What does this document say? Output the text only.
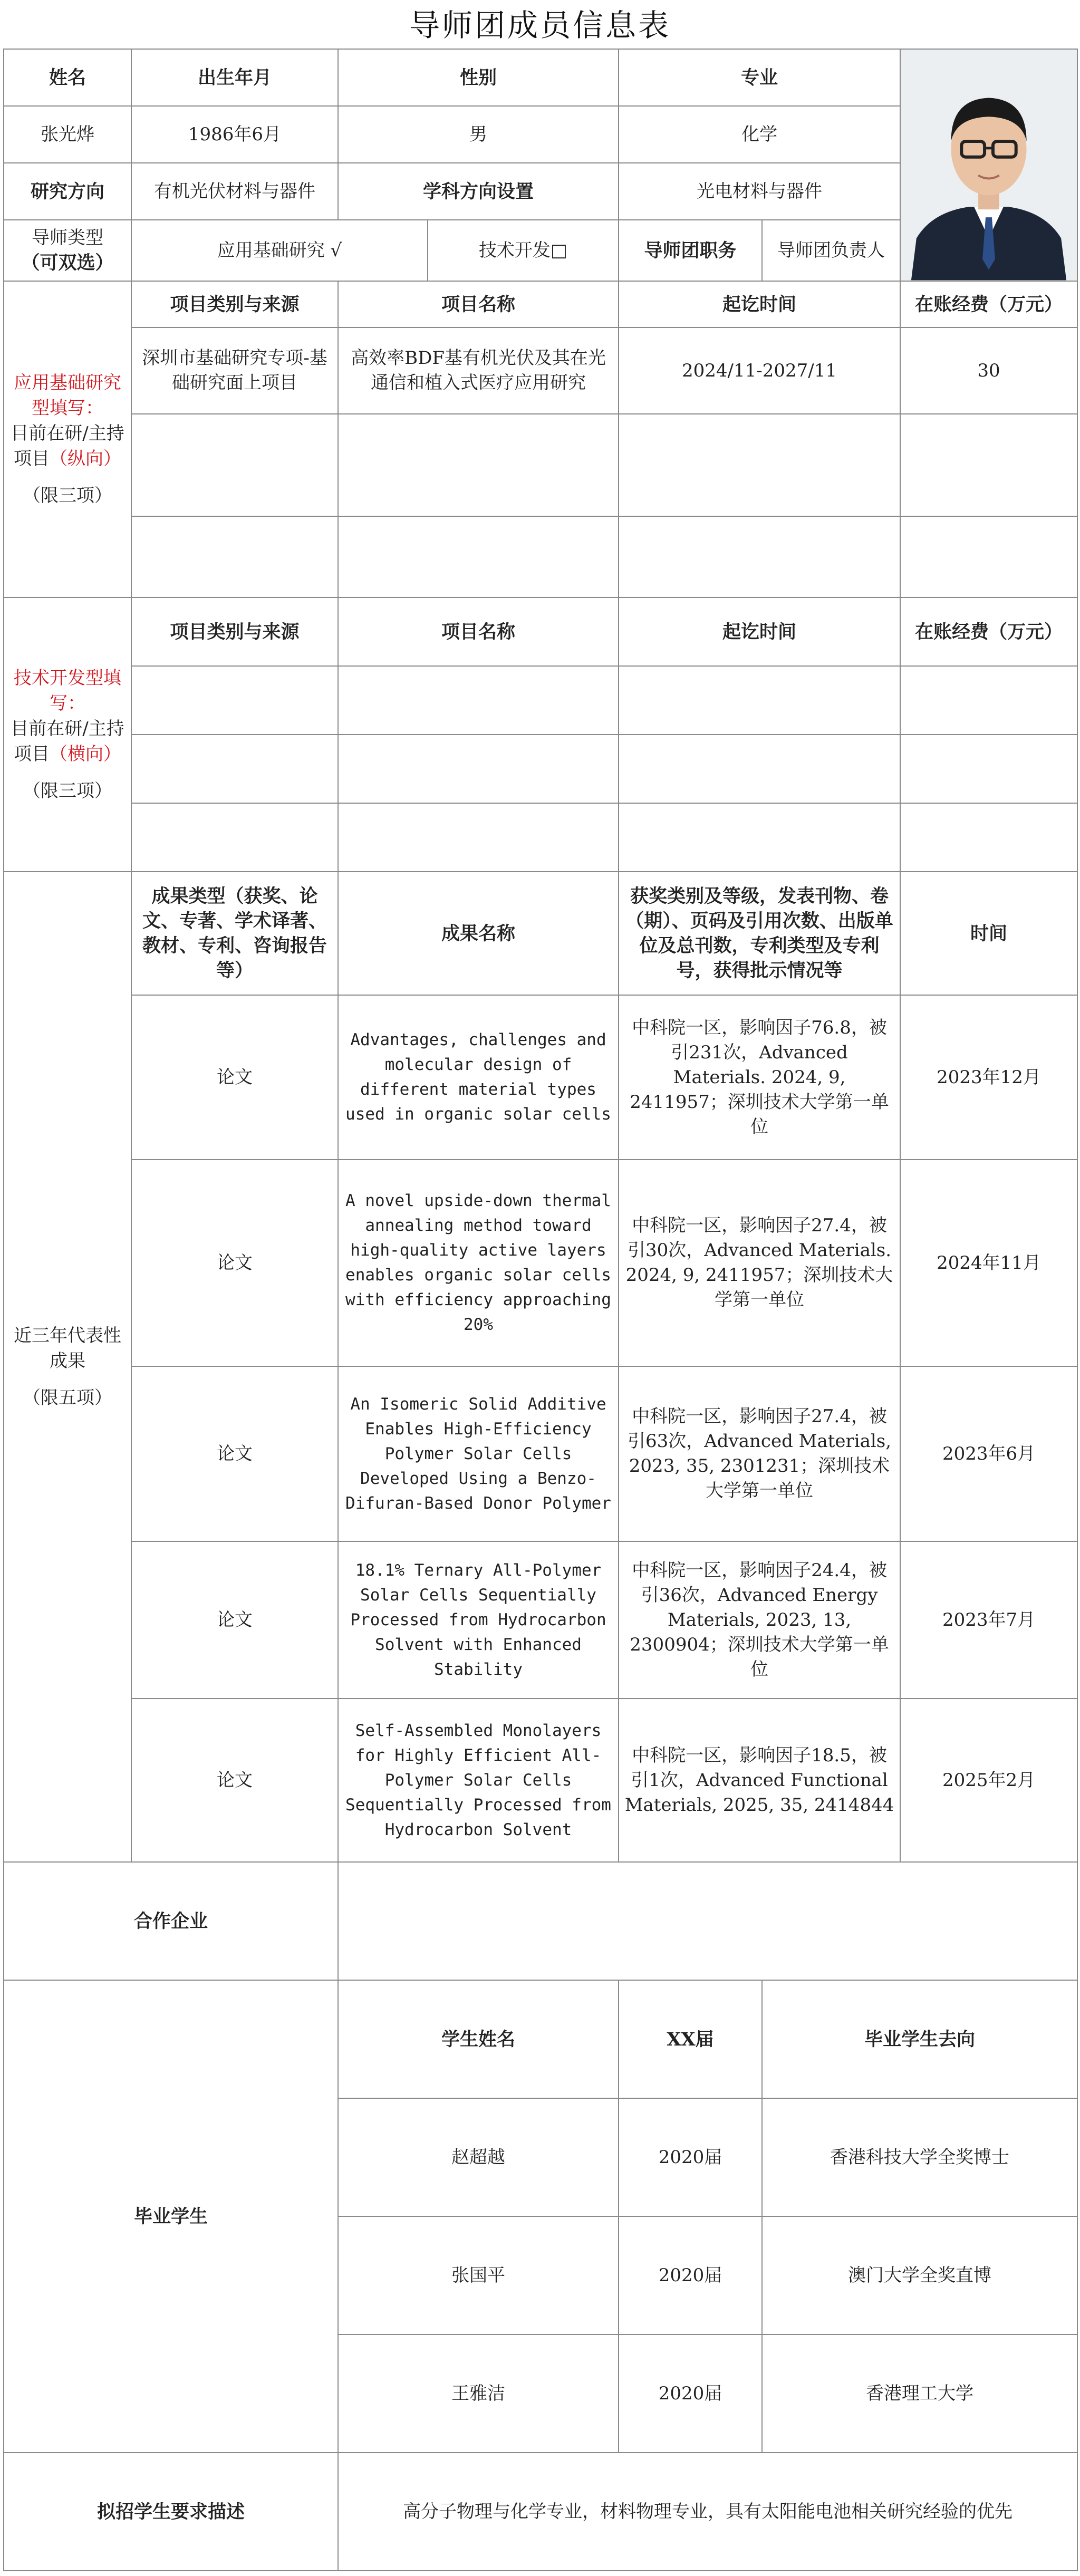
导师团成员信息表
姓名	出生年月	性别		专业	

张光烨	1986年6月	男		化学		
研究方向	有机光伏材料与器件	学科方向设置		光电材料与器件		

导师类型
（可双选）	应用基础研究 √		技术开发□	导师团职务	导师团负责人	

应用基础研究型填写：
目前在研/主持项目（纵向）
（限三项）	项目类别与来源	项目名称		起讫时间		在账经费（万元）
	深圳市基础研究专项-基础研究面上项目	高效率BDF基有机光伏及其在光通信和植入式医疗应用研究		2024/11-2027/11		30

技术开发型填写：
目前在研/主持项目（横向）
（限三项）	项目类别与来源	项目名称		起讫时间		在账经费（万元）

近三年代表性成果
（限五项）	成果类型（获奖、论文、专著、学术译著、教材、专利、咨询报告等）	成果名称		获奖类别及等级，发表刊物、卷（期）、页码及引用次数、出版单位及总刊数，专利类型及专利号，获得批示情况等		时间
	论文	Advantages, challenges and molecular design of different material types used in organic solar cells		中科院一区，影响因子76.8，被引231次，Advanced Materials. 2024, 9, 2411957；深圳技术大学第一单位		2023年12月
	论文	A novel upside-down thermal annealing method toward high-quality active layers enables organic solar cells with efficiency approaching 20%		中科院一区，影响因子27.4，被引30次，Advanced Materials. 2024, 9, 2411957；深圳技术大学第一单位		2024年11月
	论文	An Isomeric Solid Additive Enables High-Efficiency Polymer Solar Cells Developed Using a Benzo-Difuran-Based Donor Polymer		中科院一区，影响因子27.4，被引63次，Advanced Materials, 2023, 35, 2301231；深圳技术大学第一单位		2023年6月
	论文	18.1% Ternary All-Polymer Solar Cells Sequentially Processed from Hydrocarbon Solvent with Enhanced Stability		中科院一区，影响因子24.4，被引36次，Advanced Energy Materials, 2023, 13, 2300904；深圳技术大学第一单位		2023年7月
	论文	Self‐Assembled Monolayers for Highly Efficient All‐Polymer Solar Cells Sequentially Processed from Hydrocarbon Solvent		中科院一区，影响因子18.5，被引1次，Advanced Functional Materials, 2025, 35, 2414844		2025年2月
合作企业						
毕业学生		学生姓名		XX届	毕业学生去向	
		赵超越		2020届	香港科技大学全奖博士	
		张国平		2020届	澳门大学全奖直博	
		王雅洁		2020届	香港理工大学	
拟招学生要求描述		高分子物理与化学专业，材料物理专业，具有太阳能电池相关研究经验的优先				
